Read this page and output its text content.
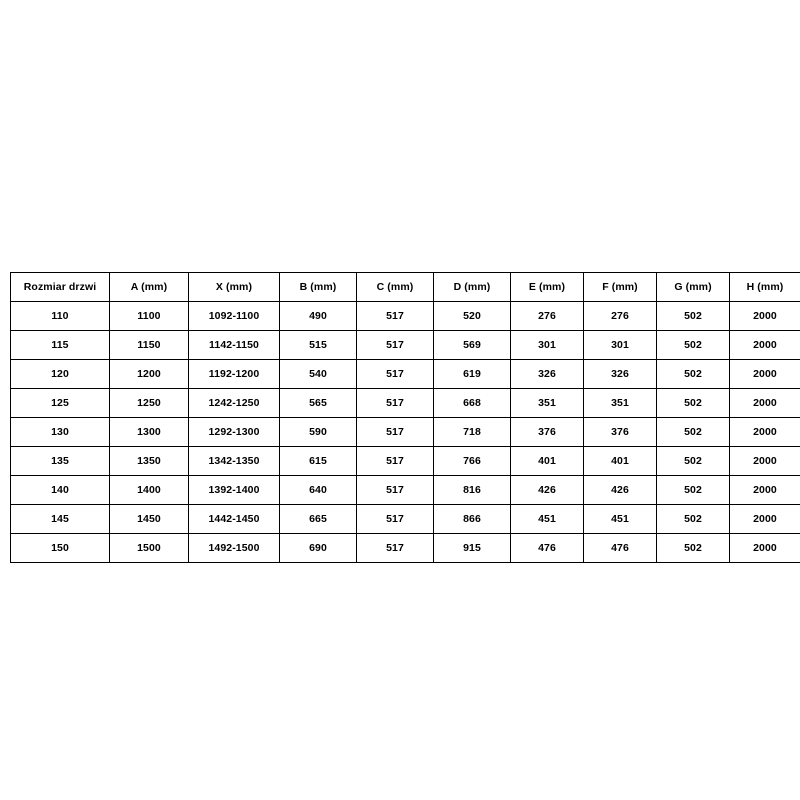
Rozmiar drzwi	A (mm)	X (mm)	B (mm)	C (mm)	D (mm)	E (mm)	F (mm)	G (mm)	H (mm)
110	1100	1092-1100	490	517	520	276	276	502	2000
115	1150	1142-1150	515	517	569	301	301	502	2000
120	1200	1192-1200	540	517	619	326	326	502	2000
125	1250	1242-1250	565	517	668	351	351	502	2000
130	1300	1292-1300	590	517	718	376	376	502	2000
135	1350	1342-1350	615	517	766	401	401	502	2000
140	1400	1392-1400	640	517	816	426	426	502	2000
145	1450	1442-1450	665	517	866	451	451	502	2000
150	1500	1492-1500	690	517	915	476	476	502	2000
